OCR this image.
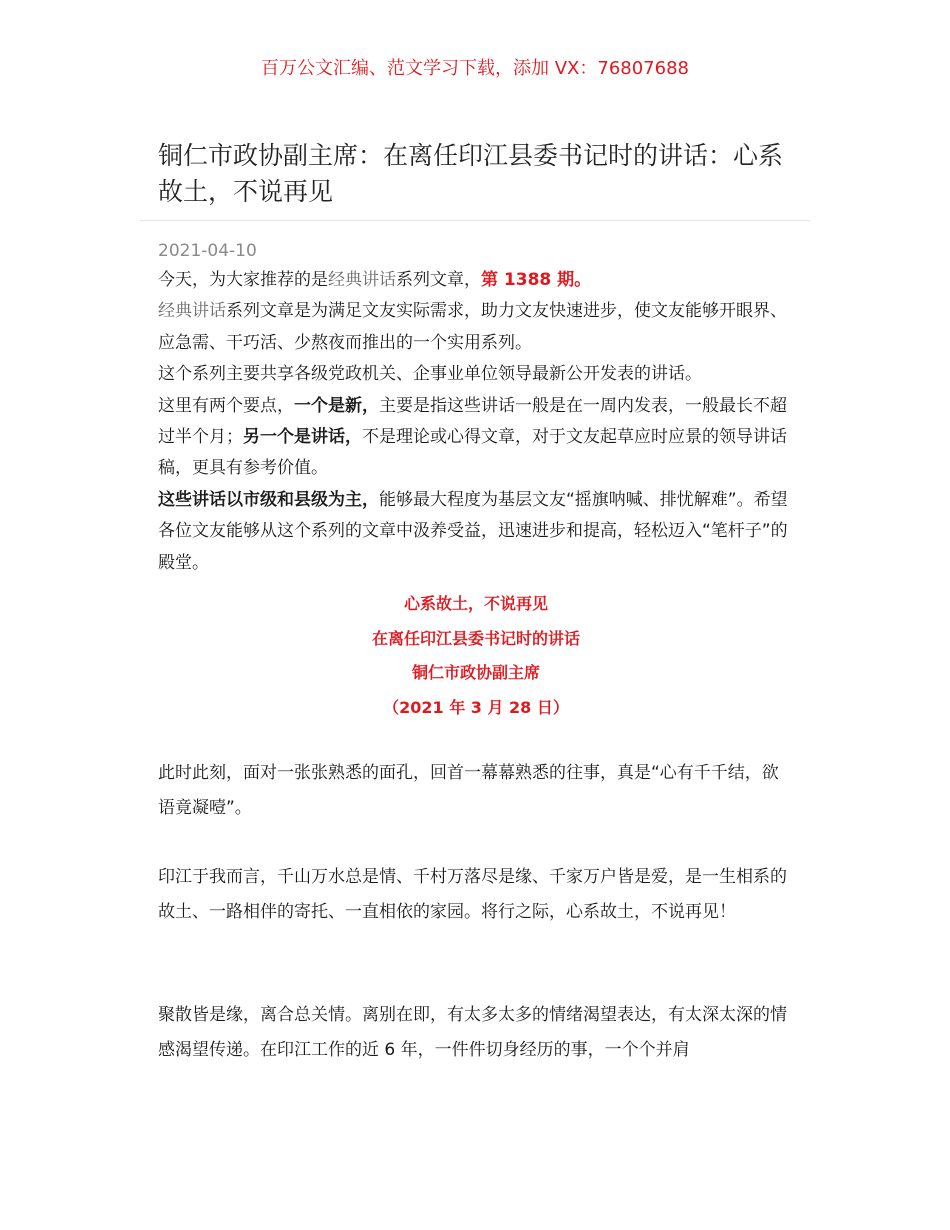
百万公文汇编、范文学习下载，添加 VX：76807688
铜仁市政协副主席：在离任印江县委书记时的讲话：心系故土，不说再见
2021-04-10

今天，为大家推荐的是经典讲话系列文章，第 1388 期。

经典讲话系列文章是为满足文友实际需求，助力文友快速进步，使文友能够开眼界、应急需、干巧活、少熬夜而推出的一个实用系列。

这个系列主要共享各级党政机关、企事业单位领导最新公开发表的讲话。

这里有两个要点，一个是新，主要是指这些讲话一般是在一周内发表，一般最长不超过半个月；另一个是讲话，不是理论或心得文章，对于文友起草应时应景的领导讲话稿，更具有参考价值。

这些讲话以市级和县级为主，能够最大程度为基层文友“摇旗呐喊、排忧解难”。希望各位文友能够从这个系列的文章中汲养受益，迅速进步和提高，轻松迈入“笔杆子”的殿堂。

心系故土，不说再见
在离任印江县委书记时的讲话
铜仁市政协副主席
（2021 年 3 月 28 日）

此时此刻，面对一张张熟悉的面孔，回首一幕幕熟悉的往事，真是“心有千千结，欲语竟凝噎”。

印江于我而言，千山万水总是情、千村万落尽是缘、千家万户皆是爱，是一生相系的故土、一路相伴的寄托、一直相依的家园。将行之际，心系故土，不说再见！

聚散皆是缘，离合总关情。离别在即，有太多太多的情绪渴望表达，有太深太深的情感渴望传递。在印江工作的近 6 年，一件件切身经历的事，一个个并肩
